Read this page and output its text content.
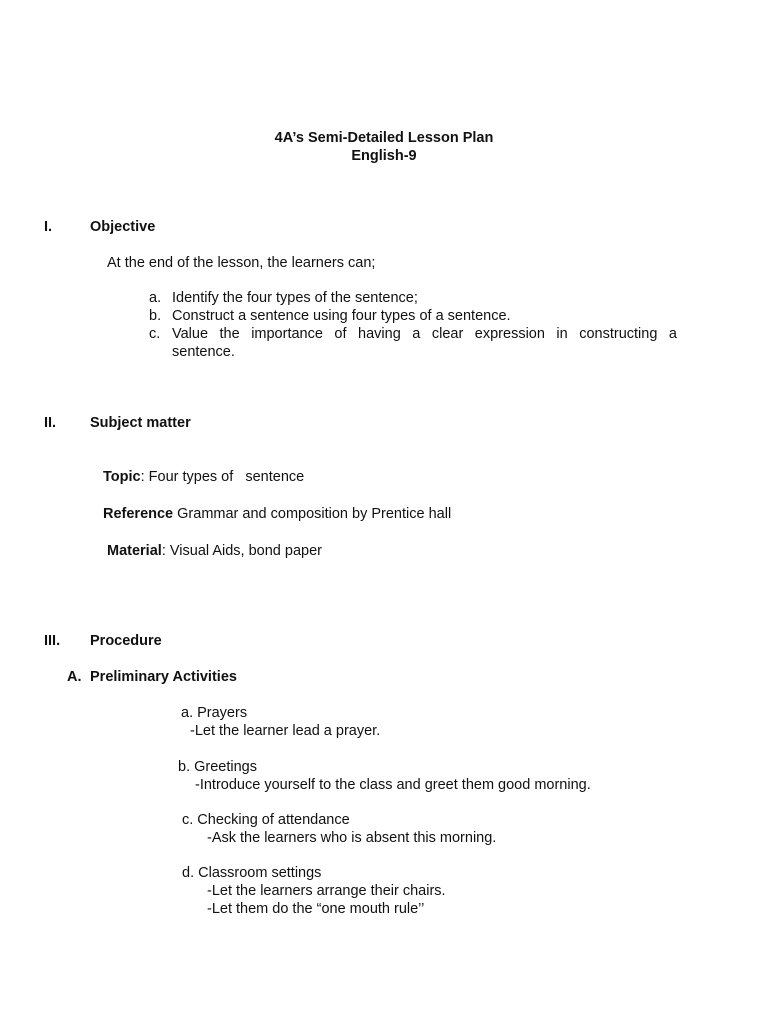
4A’s Semi-Detailed Lesson Plan
English-9
I.	Objective
At the end of the lesson, the learners can;
a. Identify the four types of the sentence;
b. Construct a sentence using four types of a sentence.
c. Value the importance of having a clear expression in constructing a
sentence.
II. Subject matter
Topic: Four types of   sentence
Reference Grammar and composition by Prentice hall
Material: Visual Aids, bond paper
III. Procedure
A. Preliminary Activities
a. Prayers
-Let the learner lead a prayer.
b. Greetings
-Introduce yourself to the class and greet them good morning.
c. Checking of attendance
-Ask the learners who is absent this morning.
d. Classroom settings
-Let the learners arrange their chairs.
-Let them do the “one mouth rule’’
